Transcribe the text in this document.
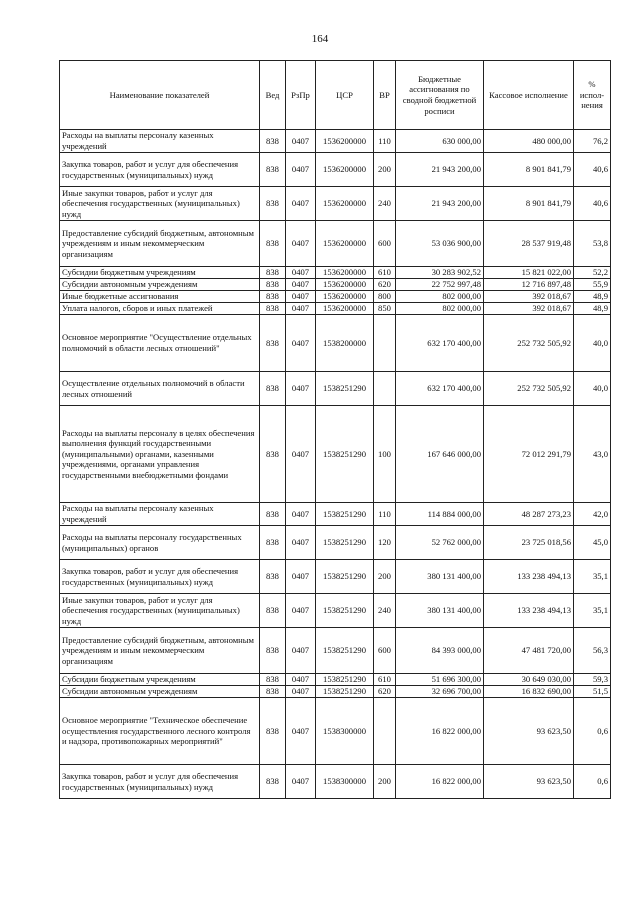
164
Наименование показателей	Вед	РзПр	ЦСР	ВР	Бюджетные ассигнования по сводной бюджетной росписи	Кассовое исполнение	% испол-нения
Расходы на выплаты персоналу казенных учреждений	838	0407	1536200000	110	630 000,00	480 000,00	76,2
Закупка товаров, работ и услуг для обеспечения государственных (муниципальных) нужд	838	0407	1536200000	200	21 943 200,00	8 901 841,79	40,6
Иные закупки товаров, работ и услуг для обеспечения государственных (муниципальных) нужд	838	0407	1536200000	240	21 943 200,00	8 901 841,79	40,6
Предоставление субсидий бюджетным, автономным учреждениям и иным некоммерческим организациям	838	0407	1536200000	600	53 036 900,00	28 537 919,48	53,8
Субсидии бюджетным учреждениям	838	0407	1536200000	610	30 283 902,52	15 821 022,00	52,2
Субсидии автономным учреждениям	838	0407	1536200000	620	22 752 997,48	12 716 897,48	55,9
Иные бюджетные ассигнования	838	0407	1536200000	800	802 000,00	392 018,67	48,9
Уплата налогов, сборов и иных платежей	838	0407	1536200000	850	802 000,00	392 018,67	48,9
Основное мероприятие "Осуществление отдельных полномочий в области лесных отношений"	838	0407	1538200000		632 170 400,00	252 732 505,92	40,0
Осуществление отдельных полномочий в области лесных отношений	838	0407	1538251290		632 170 400,00	252 732 505,92	40,0
Расходы на выплаты персоналу в целях обеспечения выполнения функций государственными (муниципальными) органами, казенными учреждениями, органами управления государственными внебюджетными фондами	838	0407	1538251290	100	167 646 000,00	72 012 291,79	43,0
Расходы на выплаты персоналу казенных учреждений	838	0407	1538251290	110	114 884 000,00	48 287 273,23	42,0
Расходы на выплаты персоналу государственных (муниципальных) органов	838	0407	1538251290	120	52 762 000,00	23 725 018,56	45,0
Закупка товаров, работ и услуг для обеспечения государственных (муниципальных) нужд	838	0407	1538251290	200	380 131 400,00	133 238 494,13	35,1
Иные закупки товаров, работ и услуг для обеспечения государственных (муниципальных) нужд	838	0407	1538251290	240	380 131 400,00	133 238 494,13	35,1
Предоставление субсидий бюджетным, автономным учреждениям и иным некоммерческим организациям	838	0407	1538251290	600	84 393 000,00	47 481 720,00	56,3
Субсидии бюджетным учреждениям	838	0407	1538251290	610	51 696 300,00	30 649 030,00	59,3
Субсидии автономным учреждениям	838	0407	1538251290	620	32 696 700,00	16 832 690,00	51,5
Основное мероприятие "Техническое обеспечение осуществления государственного лесного контроля и надзора, противопожарных мероприятий"	838	0407	1538300000		16 822 000,00	93 623,50	0,6
Закупка товаров, работ и услуг для обеспечения государственных (муниципальных) нужд	838	0407	1538300000	200	16 822 000,00	93 623,50	0,6
